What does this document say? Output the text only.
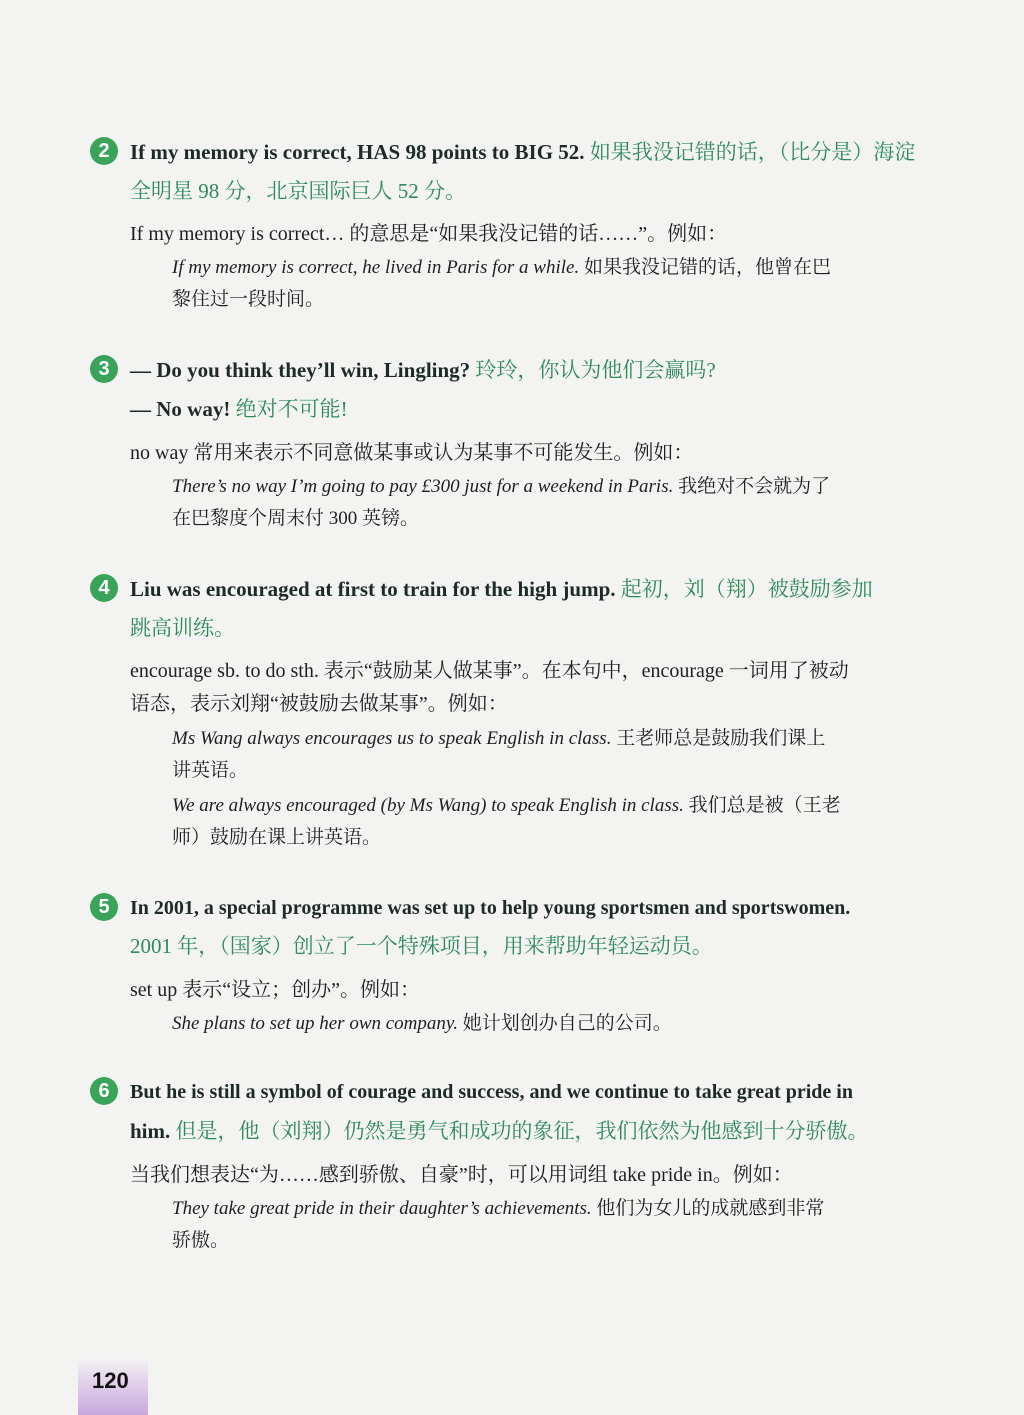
2 If my memory is correct, HAS 98 points to BIG 52. 如果我没记错的话，（比分是）海淀
全明星 98 分，北京国际巨人 52 分。
If my memory is correct… 的意思是“如果我没记错的话……”。例如：
If my memory is correct, he lived in Paris for a while. 如果我没记错的话，他曾在巴
黎住过一段时间。
3 — Do you think they’ll win, Lingling? 玲玲，你认为他们会赢吗?
— No way! 绝对不可能!
no way 常用来表示不同意做某事或认为某事不可能发生。例如：
There’s no way I’m going to pay £300 just for a weekend in Paris. 我绝对不会就为了
在巴黎度个周末付 300 英镑。
4 Liu was encouraged at first to train for the high jump. 起初，刘（翔）被鼓励参加
跳高训练。
encourage sb. to do sth. 表示“鼓励某人做某事”。在本句中，encourage 一词用了被动
语态，表示刘翔“被鼓励去做某事”。例如：
Ms Wang always encourages us to speak English in class. 王老师总是鼓励我们课上
讲英语。
We are always encouraged (by Ms Wang) to speak English in class. 我们总是被（王老
师）鼓励在课上讲英语。
5	In 2001, a special programme was set up to help young sportsmen and sportswomen.
2001 年，（国家）创立了一个特殊项目，用来帮助年轻运动员。
set up 表示“设立；创办”。例如：
She plans to set up her own company. 她计划创办自己的公司。
6	But he is still a symbol of courage and success, and we continue to take great pride in
him. 但是，他（刘翔）仍然是勇气和成功的象征，我们依然为他感到十分骄傲。
当我们想表达“为……感到骄傲、自豪”时，可以用词组 take pride in。例如：
They take great pride in their daughter’s achievements. 他们为女儿的成就感到非常
骄傲。
120
